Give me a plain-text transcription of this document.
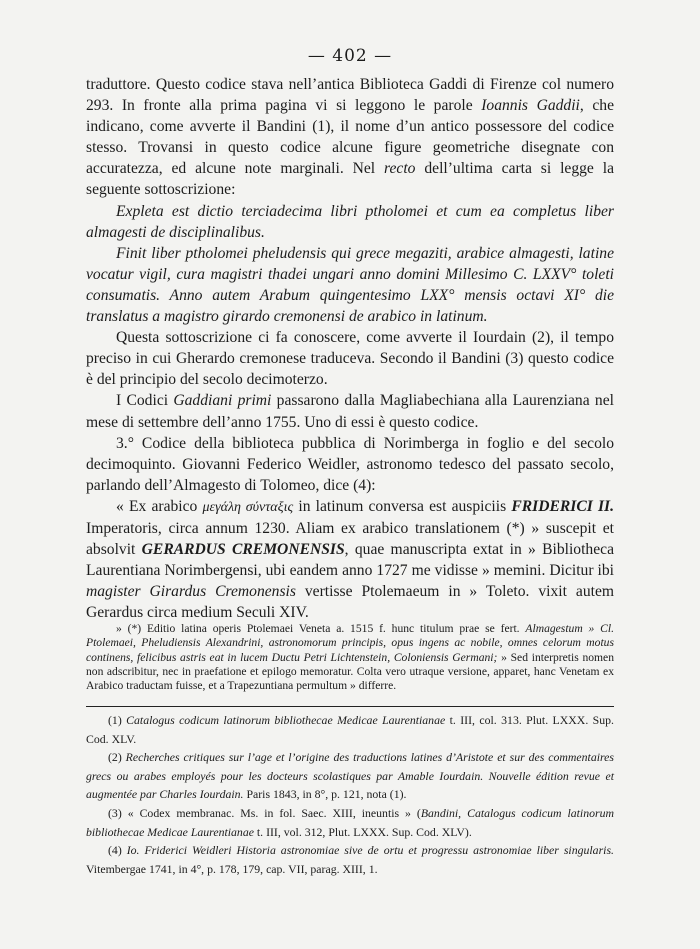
— 402 —

traduttore. Questo codice stava nell’antica Biblioteca Gaddi di Firenze col numero 293. In fronte alla prima pagina vi si leggono le parole Ioannis Gaddii, che indicano, come avverte il Bandini (1), il nome d’un antico possessore del codice stesso. Trovansi in questo codice alcune figure geometriche disegnate con accuratezza, ed alcune note marginali. Nel recto dell’ultima carta si legge la seguente sottoscrizione:

Expleta est dictio terciadecima libri ptholomei et cum ea completus liber almagesti de disciplinalibus.

Finit liber ptholomei pheludensis qui grece megaziti, arabice almagesti, latine vocatur vigil, cura magistri thadei ungari anno domini Millesimo C. LXXV° toleti consumatis. Anno autem Arabum quingentesimo LXX° mensis octavi XI° die translatus a magistro girardo cremonensi de arabico in latinum.

Questa sottoscrizione ci fa conoscere, come avverte il Iourdain (2), il tempo preciso in cui Gherardo cremonese traduceva. Secondo il Bandini (3) questo codice è del principio del secolo decimoterzo.

I Codici Gaddiani primi passarono dalla Magliabechiana alla Laurenziana nel mese di settembre dell’anno 1755. Uno di essi è questo codice.

3.° Codice della biblioteca pubblica di Norimberga in foglio e del secolo decimoquinto. Giovanni Federico Weidler, astronomo tedesco del passato secolo, parlando dell’Almagesto di Tolomeo, dice (4):

« Ex arabico μεγάλη σύνταξις in latinum conversa est auspiciis FRIDERICI II. Imperatoris, circa annum 1230. Aliam ex arabico translationem (*) » suscepit et absolvit GERARDUS CREMONENSIS, quae manuscripta extat in » Bibliotheca Laurentiana Norimbergensi, ubi eandem anno 1727 me vidisse » memini. Dicitur ibi magister Girardus Cremonensis vertisse Ptolemaeum in » Toleto. vixit autem Gerardus circa medium Seculi XIV.

» (*) Editio latina operis Ptolemaei Veneta a. 1515 f. hunc titulum prae se fert. Almagestum » Cl. Ptolemaei, Pheludiensis Alexandrini, astronomorum principis, opus ingens ac nobile, omnes celorum motus continens, felicibus astris eat in lucem Ductu Petri Lichtenstein, Coloniensis Germani; » Sed interpretis nomen non adscribitur, nec in praefatione et epilogo memoratur. Colta vero utraque versione, apparet, hanc Venetam ex Arabico traductam fuisse, et a Trapezuntiana permultum » differre.

(1) Catalogus codicum latinorum bibliothecae Medicae Laurentianae t. III, col. 313. Plut. LXXX. Sup. Cod. XLV.

(2) Recherches critiques sur l’age et l’origine des traductions latines d’Aristote et sur des commentaires grecs ou arabes employés pour les docteurs scolastiques par Amable Iourdain. Nouvelle édition revue et augmentée par Charles Iourdain. Paris 1843, in 8°, p. 121, nota (1).

(3) « Codex membranac. Ms. in fol. Saec. XIII, ineuntis » (Bandini, Catalogus codicum latinorum bibliothecae Medicae Laurentianae t. III, vol. 312, Plut. LXXX. Sup. Cod. XLV).

(4) Io. Friderici Weidleri Historia astronomiae sive de ortu et progressu astronomiae liber singularis. Vitembergae 1741, in 4°, p. 178, 179, cap. VII, parag. XIII, 1.
